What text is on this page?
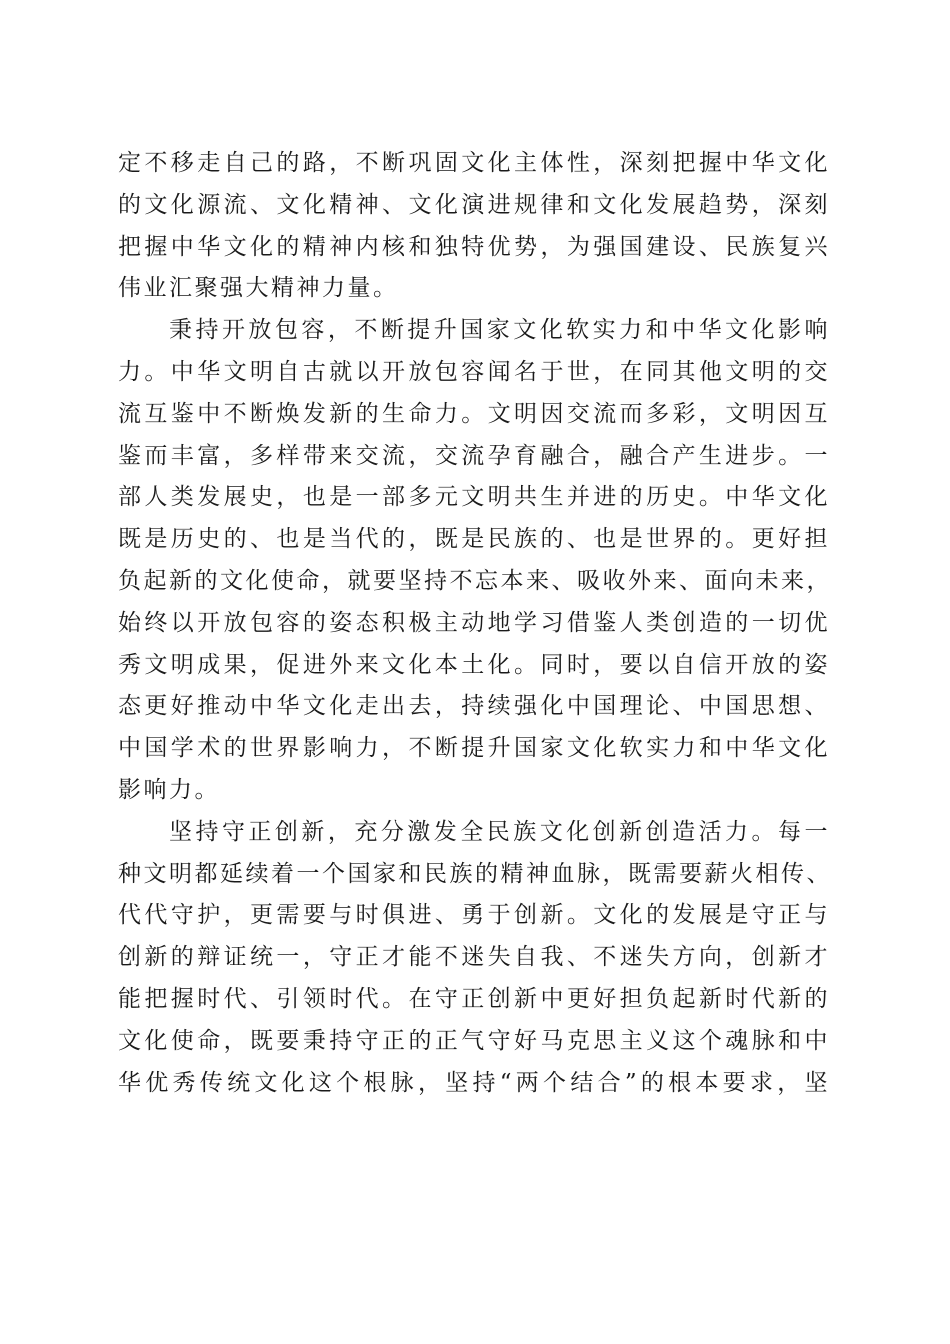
定不移走自己的路，不断巩固文化主体性，深刻把握中华文化
的文化源流、文化精神、文化演进规律和文化发展趋势，深刻
把握中华文化的精神内核和独特优势，为强国建设、民族复兴
伟业汇聚强大精神力量。
秉持开放包容，不断提升国家文化软实力和中华文化影响
力。中华文明自古就以开放包容闻名于世，在同其他文明的交
流互鉴中不断焕发新的生命力。文明因交流而多彩，文明因互
鉴而丰富，多样带来交流，交流孕育融合，融合产生进步。一
部人类发展史，也是一部多元文明共生并进的历史。中华文化
既是历史的、也是当代的，既是民族的、也是世界的。更好担
负起新的文化使命，就要坚持不忘本来、吸收外来、面向未来，
始终以开放包容的姿态积极主动地学习借鉴人类创造的一切优
秀文明成果，促进外来文化本土化。同时，要以自信开放的姿
态更好推动中华文化走出去，持续强化中国理论、中国思想、
中国学术的世界影响力，不断提升国家文化软实力和中华文化
影响力。
坚持守正创新，充分激发全民族文化创新创造活力。每一
种文明都延续着一个国家和民族的精神血脉，既需要薪火相传、
代代守护，更需要与时俱进、勇于创新。文化的发展是守正与
创新的辩证统一，守正才能不迷失自我、不迷失方向，创新才
能把握时代、引领时代。在守正创新中更好担负起新时代新的
文化使命，既要秉持守正的正气守好马克思主义这个魂脉和中
华优秀传统文化这个根脉，坚持“两个结合”的根本要求，坚
